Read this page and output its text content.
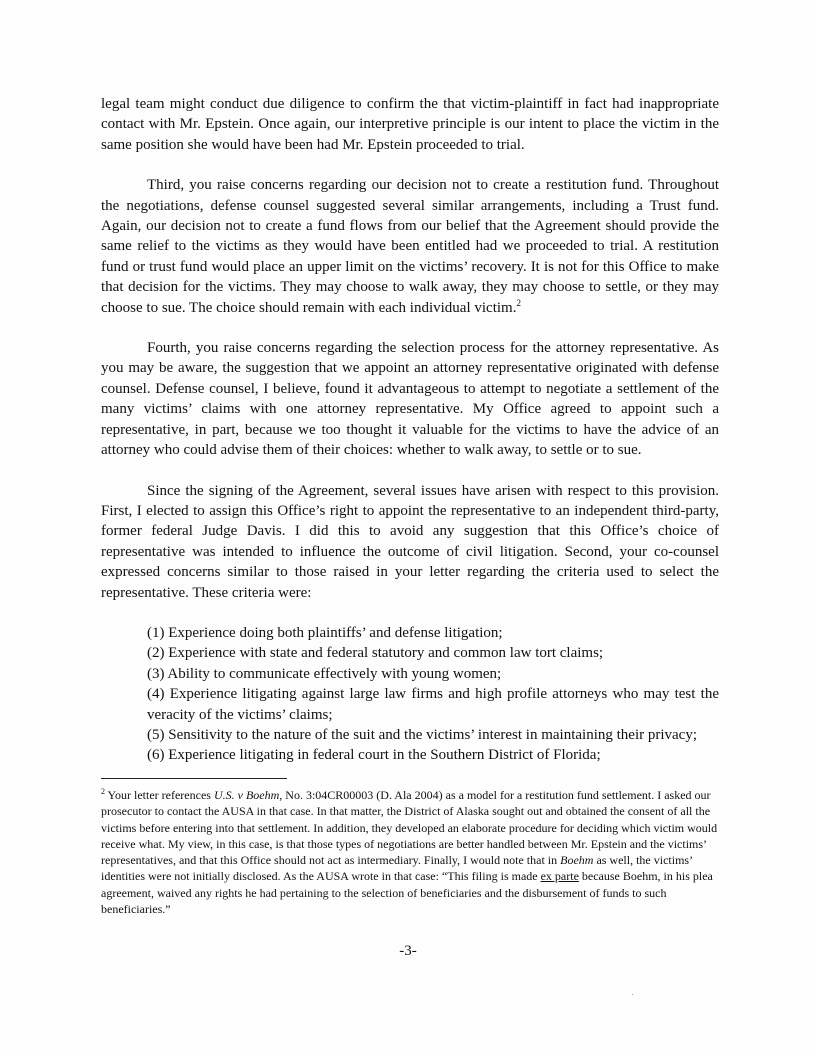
legal team might conduct due diligence to confirm the that victim-plaintiff in fact had inappropriate contact with Mr. Epstein. Once again, our interpretive principle is our intent to place the victim in the same position she would have been had Mr. Epstein proceeded to trial.

Third, you raise concerns regarding our decision not to create a restitution fund. Throughout the negotiations, defense counsel suggested several similar arrangements, including a Trust fund. Again, our decision not to create a fund flows from our belief that the Agreement should provide the same relief to the victims as they would have been entitled had we proceeded to trial. A restitution fund or trust fund would place an upper limit on the victims’ recovery. It is not for this Office to make that decision for the victims. They may choose to walk away, they may choose to settle, or they may choose to sue. The choice should remain with each individual victim.$^2$

Fourth, you raise concerns regarding the selection process for the attorney representative. As you may be aware, the suggestion that we appoint an attorney representative originated with defense counsel. Defense counsel, I believe, found it advantageous to attempt to negotiate a settlement of the many victims’ claims with one attorney representative. My Office agreed to appoint such a representative, in part, because we too thought it valuable for the victims to have the advice of an attorney who could advise them of their choices: whether to walk away, to settle or to sue.

Since the signing of the Agreement, several issues have arisen with respect to this provision. First, I elected to assign this Office’s right to appoint the representative to an independent third-party, former federal Judge Davis. I did this to avoid any suggestion that this Office’s choice of representative was intended to influence the outcome of civil litigation. Second, your co-counsel expressed concerns similar to those raised in your letter regarding the criteria used to select the representative. These criteria were:

(1) Experience doing both plaintiffs’ and defense litigation;

(2) Experience with state and federal statutory and common law tort claims;

(3) Ability to communicate effectively with young women;

(4) Experience litigating against large law firms and high profile attorneys who may test the veracity of the victims’ claims;

(5) Sensitivity to the nature of the suit and the victims’ interest in maintaining their privacy;

(6) Experience litigating in federal court in the Southern District of Florida;

$^2$ Your letter references U.S. v Boehm, No. 3:04CR00003 (D. Ala 2004) as a model for a restitution fund settlement. I asked our prosecutor to contact the AUSA in that case. In that matter, the District of Alaska sought out and obtained the consent of all the victims before entering into that settlement. In addition, they developed an elaborate procedure for deciding which victim would receive what. My view, in this case, is that those types of negotiations are better handled between Mr. Epstein and the victims’ representatives, and that this Office should not act as intermediary. Finally, I would note that in Boehm as well, the victims’ identities were not initially disclosed. As the AUSA wrote in that case: “This filing is made ex parte because Boehm, in his plea agreement, waived any rights he had pertaining to the selection of beneficiaries and the disbursement of funds to such beneficiaries.”
-3-
